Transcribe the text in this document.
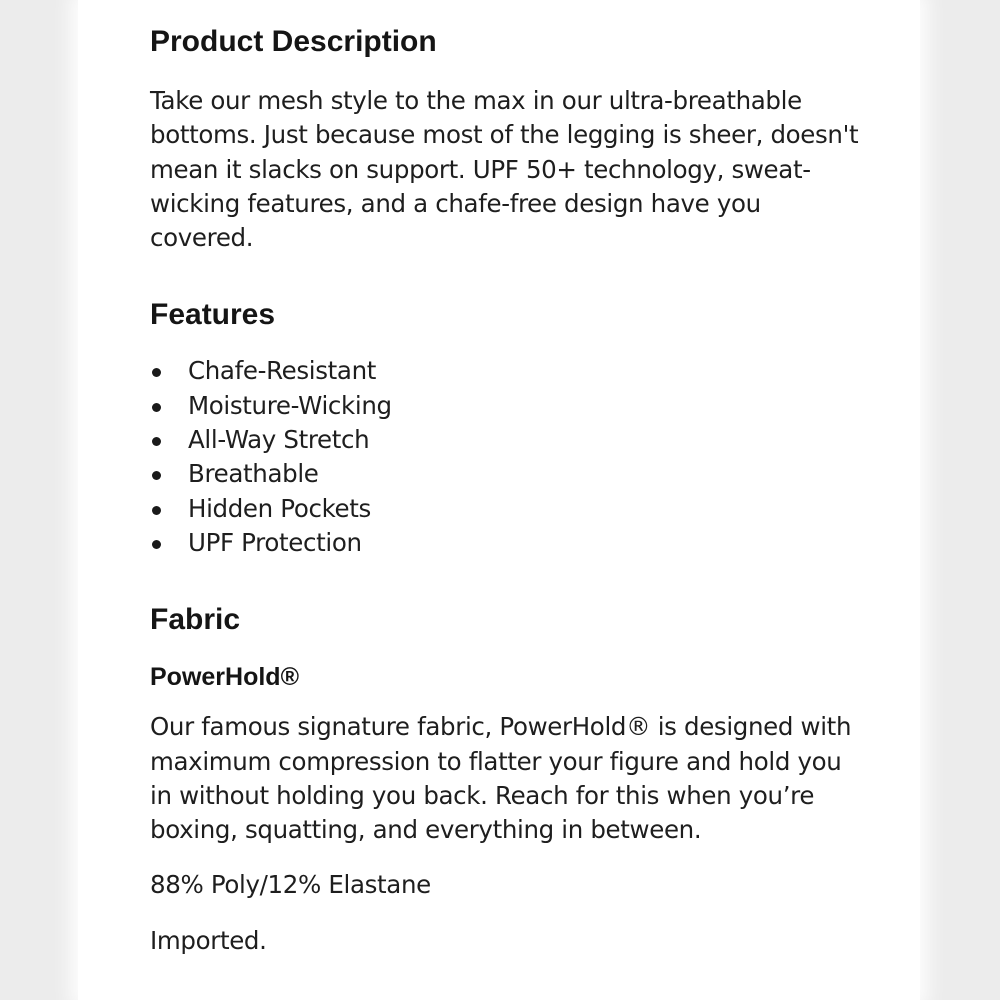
Product Description

Take our mesh style to the max in our ultra-breathable bottoms. Just because most of the legging is sheer, doesn't mean it slacks on support. UPF 50+ technology, sweat-wicking features, and a chafe-free design have you covered.

Features
Chafe-Resistant
Moisture-Wicking
All-Way Stretch
Breathable
Hidden Pockets
UPF Protection
Fabric
PowerHold®

Our famous signature fabric, PowerHold® is designed with maximum compression to flatter your figure and hold you in without holding you back. Reach for this when you’re boxing, squatting, and everything in between.

88% Poly/12% Elastane

Imported.
